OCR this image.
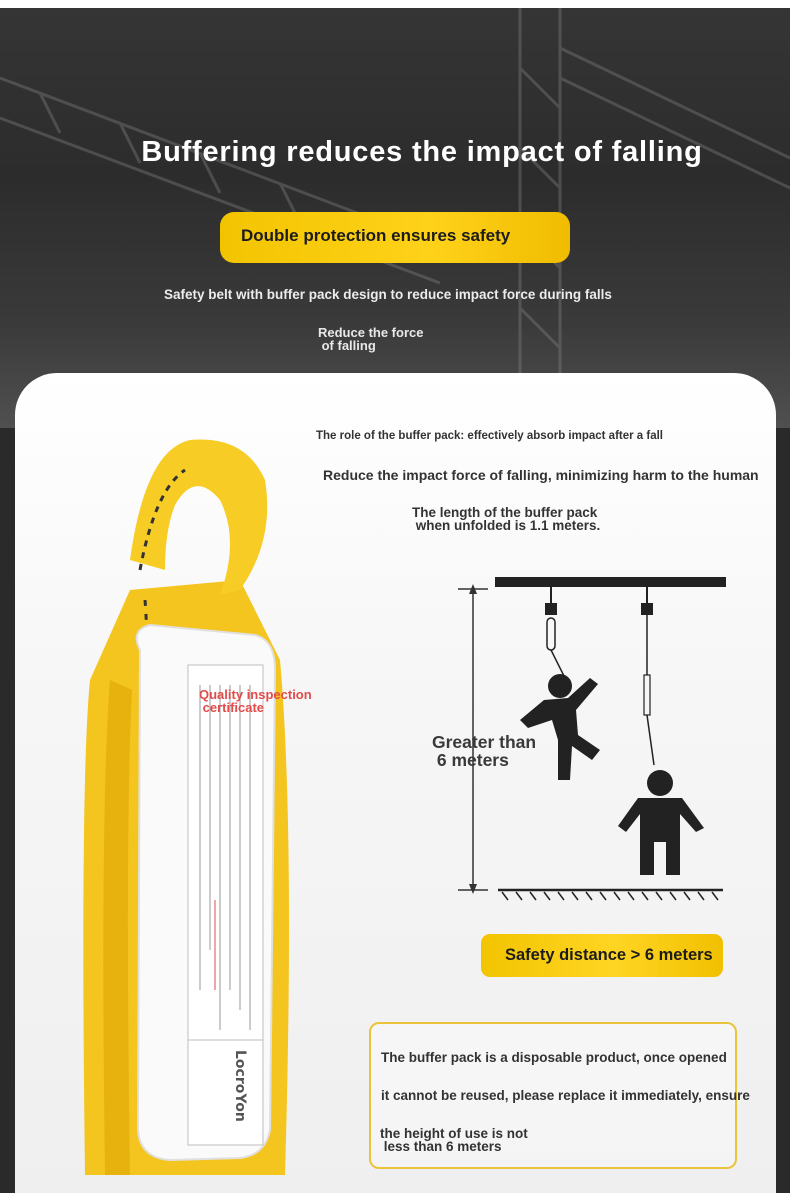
Buffering reduces the impact of falling
Double protection ensures safety
Safety belt with buffer pack design to reduce impact force during falls
Reduce the force
of falling
LocroYon
Quality inspection
certificate
The role of the buffer pack: effectively absorb impact after a fall
Reduce the impact force of falling, minimizing harm to the human
The length of the buffer pack
when unfolded is 1.1 meters.
Greater than
6 meters
Safety distance > 6 meters
The buffer pack is a disposable product, once opened
it cannot be reused, please replace it immediately, ensure
the height of use is not
less than 6 meters
